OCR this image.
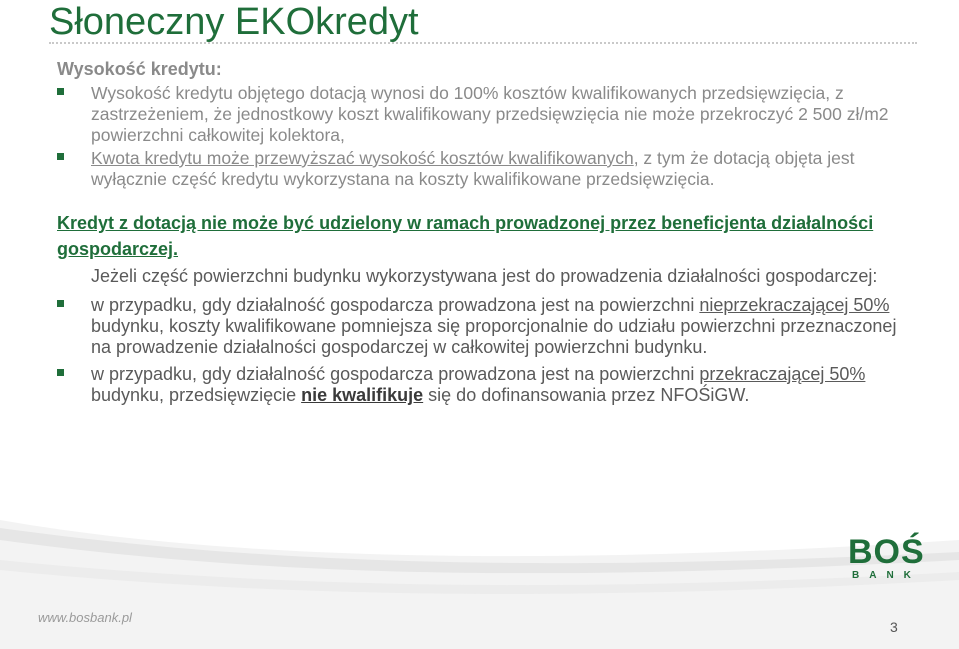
Słoneczny EKOkredyt
Wysokość kredytu:
Wysokość kredytu objętego dotacją wynosi do 100% kosztów kwalifikowanych przedsięwzięcia, z zastrzeżeniem, że jednostkowy koszt kwalifikowany przedsięwzięcia nie może przekroczyć 2 500 zł/m2 powierzchni całkowitej kolektora,
Kwota kredytu może przewyższać wysokość kosztów kwalifikowanych, z tym że dotacją objęta jest wyłącznie część kredytu wykorzystana na koszty kwalifikowane przedsięwzięcia.
Kredyt z dotacją nie może być udzielony w ramach prowadzonej przez beneficjenta działalności gospodarczej.
Jeżeli część powierzchni budynku wykorzystywana jest do prowadzenia działalności gospodarczej:
w przypadku, gdy działalność gospodarcza prowadzona jest na powierzchni nieprzekraczającej 50% budynku, koszty kwalifikowane pomniejsza się proporcjonalnie do udziału powierzchni przeznaczonej na prowadzenie działalności gospodarczej w całkowitej powierzchni budynku.
w przypadku, gdy działalność gospodarcza prowadzona jest na powierzchni przekraczającej 50% budynku, przedsięwzięcie nie kwalifikuje się do dofinansowania przez NFOŚiGW.
BOŚ
BANK
www.bosbank.pl
3
